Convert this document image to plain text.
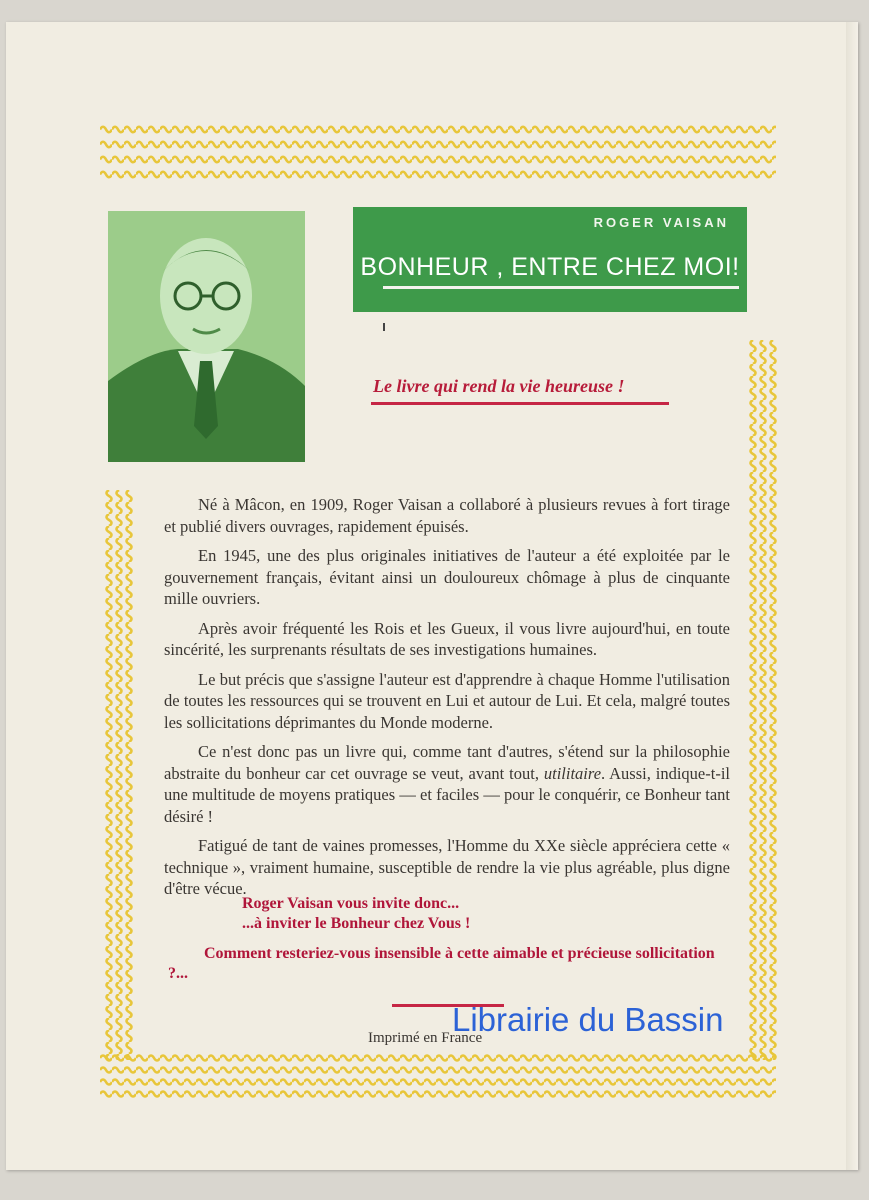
ROGER VAISAN
BONHEUR , ENTRE CHEZ MOI!
Le livre qui rend la vie heureuse !

Né à Mâcon, en 1909, Roger Vaisan a collaboré à plusieurs revues à fort tirage et publié divers ouvrages, rapidement épuisés.

En 1945, une des plus originales initiatives de l'auteur a été exploitée par le gouvernement français, évitant ainsi un douloureux chômage à plus de cinquante mille ouvriers.

Après avoir fréquenté les Rois et les Gueux, il vous livre aujourd'hui, en toute sincérité, les surprenants résultats de ses investigations humaines.

Le but précis que s'assigne l'auteur est d'apprendre à chaque Homme l'utilisation de toutes les ressources qui se trouvent en Lui et autour de Lui. Et cela, malgré toutes les sollicitations déprimantes du Monde moderne.

Ce n'est donc pas un livre qui, comme tant d'autres, s'étend sur la philosophie abstraite du bonheur car cet ouvrage se veut, avant tout, utilitaire. Aussi, indique-t-il une multitude de moyens pratiques — et faciles — pour le conquérir, ce Bonheur tant désiré !

Fatigué de tant de vaines promesses, l'Homme du XXe siècle appréciera cette « technique », vraiment humaine, susceptible de rendre la vie plus agréable, plus digne d'être vécue.

Roger Vaisan vous invite donc...
...à inviter le Bonheur chez Vous !
Comment resteriez-vous insensible à cette aimable et précieuse sollicitation ?...
Imprimé en France
Librairie du Bassin
